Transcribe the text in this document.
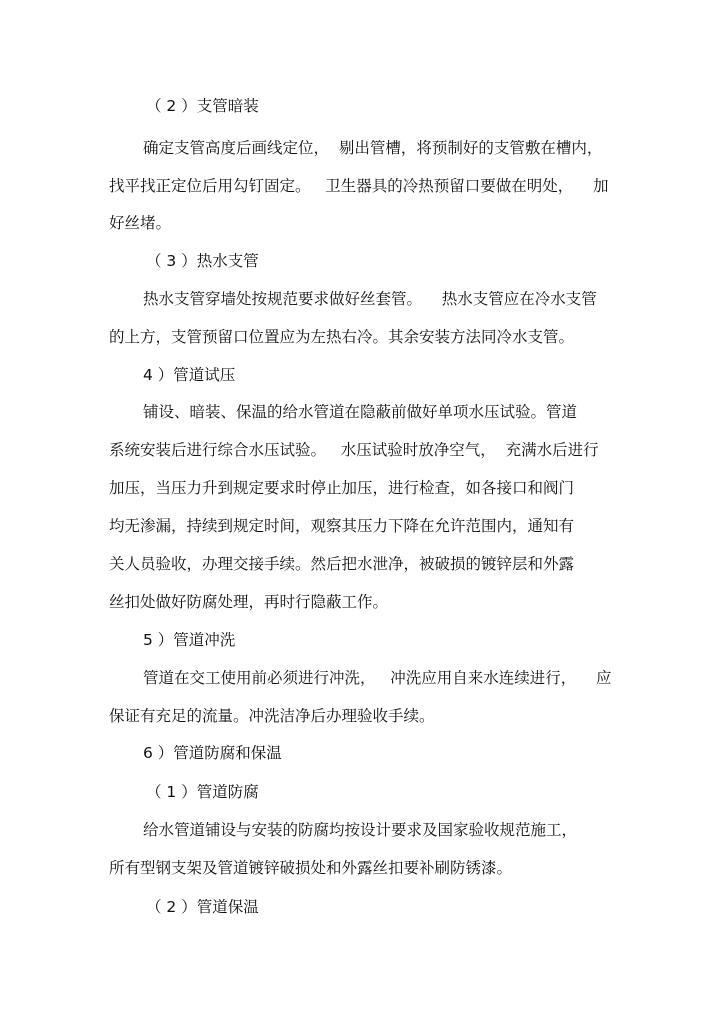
（ 2 ）支管暗装
确定支管高度后画线定位，  剔出管槽，将预制好的支管敷在槽内，
找平找正定位后用勾钉固定。   卫生器具的冷热预留口要做在明处，    加
好丝堵。
（ 3 ）热水支管
热水支管穿墙处按规范要求做好丝套管。    热水支管应在冷水支管
的上方，支管预留口位置应为左热右冷。其余安装方法同冷水支管。
4 ）管道试压
铺设、暗装、保温的给水管道在隐蔽前做好单项水压试验。管道
系统安装后进行综合水压试验。   水压试验时放净空气，  充满水后进行
加压，当压力升到规定要求时停止加压，进行检查，如各接口和阀门
均无渗漏，持续到规定时间，观察其压力下降在允许范围内，通知有
关人员验收，办理交接手续。然后把水泄净，被破损的镀锌层和外露
丝扣处做好防腐处理，再时行隐蔽工作。
5 ）管道冲洗
管道在交工使用前必须进行冲洗，   冲洗应用自来水连续进行，    应
保证有充足的流量。冲洗洁净后办理验收手续。
6 ）管道防腐和保温
（ 1 ）管道防腐
给水管道铺设与安装的防腐均按设计要求及国家验收规范施工，
所有型钢支架及管道镀锌破损处和外露丝扣要补刷防锈漆。
（ 2 ）管道保温
